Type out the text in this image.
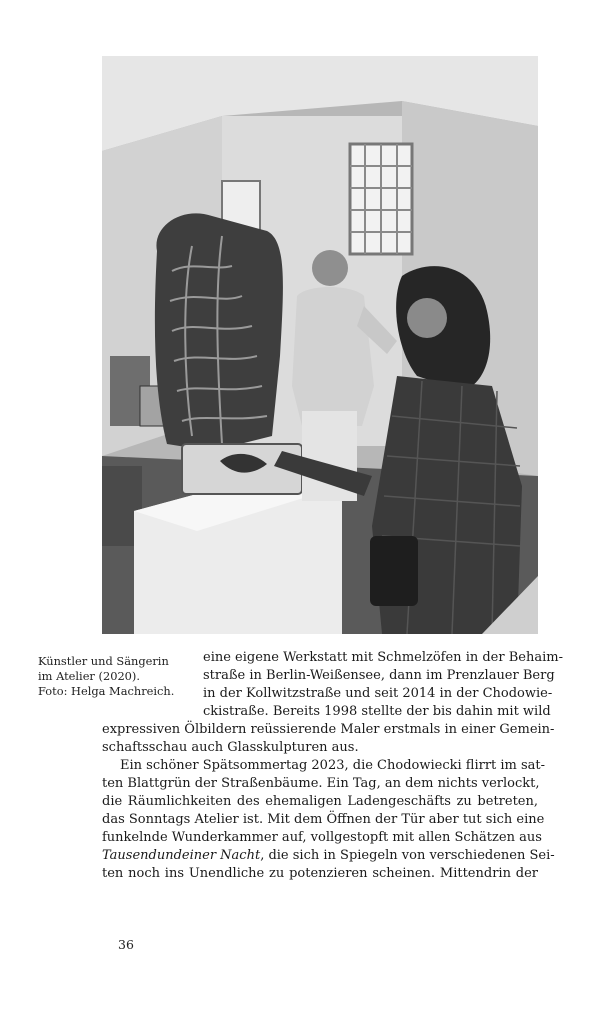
Künstler und Sängerin
im Atelier (2020).
Foto: Helga Machreich.
eine eigene Werkstatt mit Schmelzöfen in der Behaim-
straße in Berlin-Weißensee, dann im Prenzlauer Berg
in der Kollwitzstraße und seit 2014 in der Chodowie-
ckistraße. Bereits 1998 stellte der bis dahin mit wild
expressiven Ölbildern reüssierende Maler erstmals in einer Gemein-
schaftsschau auch Glasskulpturen aus.
Ein schöner Spätsommertag 2023, die Chodowiecki flirrt im sat-
ten Blattgrün der Straßenbäume. Ein Tag, an dem nichts verlockt,
die Räumlichkeiten des ehemaligen Ladengeschäfts zu betreten,
das Sonntags Atelier ist. Mit dem Öffnen der Tür aber tut sich eine
funkelnde Wunderkammer auf, vollgestopft mit allen Schätzen aus
Tausendundeiner Nacht, die sich in Spiegeln von verschiedenen Sei-
ten noch ins Unendliche zu potenzieren scheinen. Mittendrin der
36
